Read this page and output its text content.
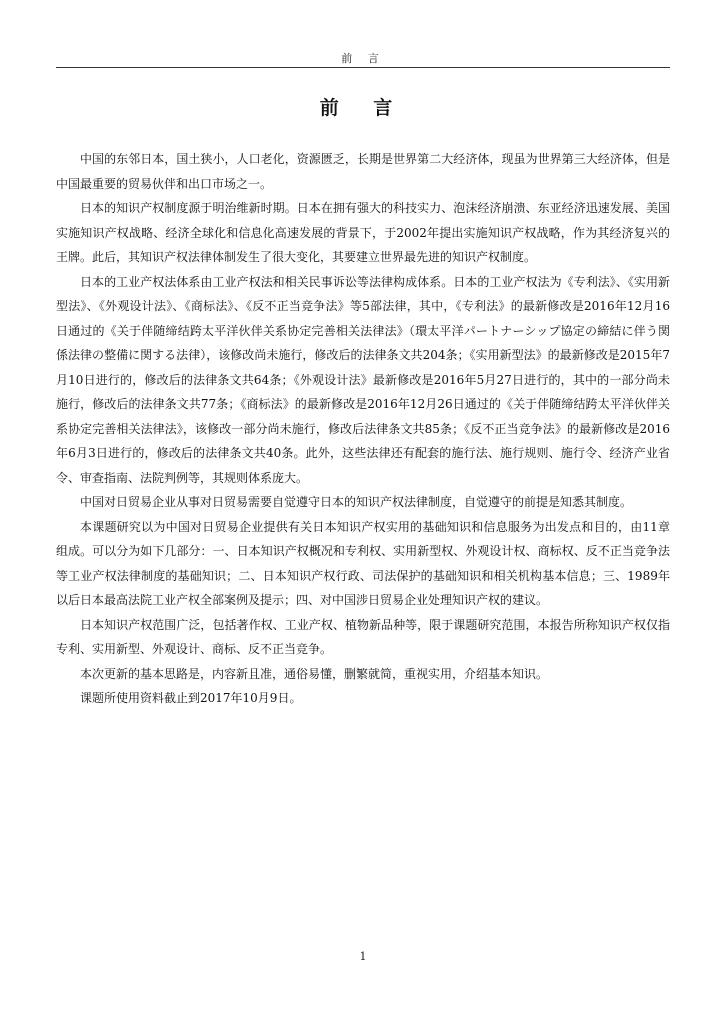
前 言
前 言

中国的东邻日本，国土狭小，人口老化，资源匮乏，长期是世界第二大经济体，现虽为世界第三大经济体，但是中国最重要的贸易伙伴和出口市场之一。

日本的知识产权制度源于明治维新时期。日本在拥有强大的科技实力、泡沫经济崩溃、东亚经济迅速发展、美国实施知识产权战略、经济全球化和信息化高速发展的背景下，于2002年提出实施知识产权战略，作为其经济复兴的王牌。此后，其知识产权法律体制发生了很大变化，其要建立世界最先进的知识产权制度。

日本的工业产权法体系由工业产权法和相关民事诉讼等法律构成体系。日本的工业产权法为《专利法》、《实用新型法》、《外观设计法》、《商标法》、《反不正当竞争法》等5部法律，其中，《专利法》的最新修改是2016年12月16日通过的《关于伴随缔结跨太平洋伙伴关系协定完善相关法律法》（環太平洋パートナーシップ協定の締結に伴う関係法律の整備に関する法律），该修改尚未施行，修改后的法律条文共204条；《实用新型法》的最新修改是2015年7月10日进行的，修改后的法律条文共64条；《外观设计法》最新修改是2016年5月27日进行的，其中的一部分尚未施行，修改后的法律条文共77条；《商标法》的最新修改是2016年12月26日通过的《关于伴随缔结跨太平洋伙伴关系协定完善相关法律法》，该修改一部分尚未施行，修改后法律条文共85条；《反不正当竞争法》的最新修改是2016年6月3日进行的，修改后的法律条文共40条。此外，这些法律还有配套的施行法、施行规则、施行令、经济产业省令、审查指南、法院判例等，其规则体系庞大。

中国对日贸易企业从事对日贸易需要自觉遵守日本的知识产权法律制度，自觉遵守的前提是知悉其制度。

本课题研究以为中国对日贸易企业提供有关日本知识产权实用的基础知识和信息服务为出发点和目的，由11章组成。可以分为如下几部分：一、日本知识产权概况和专利权、实用新型权、外观设计权、商标权、反不正当竞争法等工业产权法律制度的基础知识；二、日本知识产权行政、司法保护的基础知识和相关机构基本信息；三、1989年以后日本最高法院工业产权全部案例及提示；四、对中国涉日贸易企业处理知识产权的建议。

日本知识产权范围广泛，包括著作权、工业产权、植物新品种等，限于课题研究范围，本报告所称知识产权仅指专利、实用新型、外观设计、商标、反不正当竞争。

本次更新的基本思路是，内容新且准，通俗易懂，删繁就简，重视实用，介绍基本知识。

课题所使用资料截止到2017年10月9日。

1
